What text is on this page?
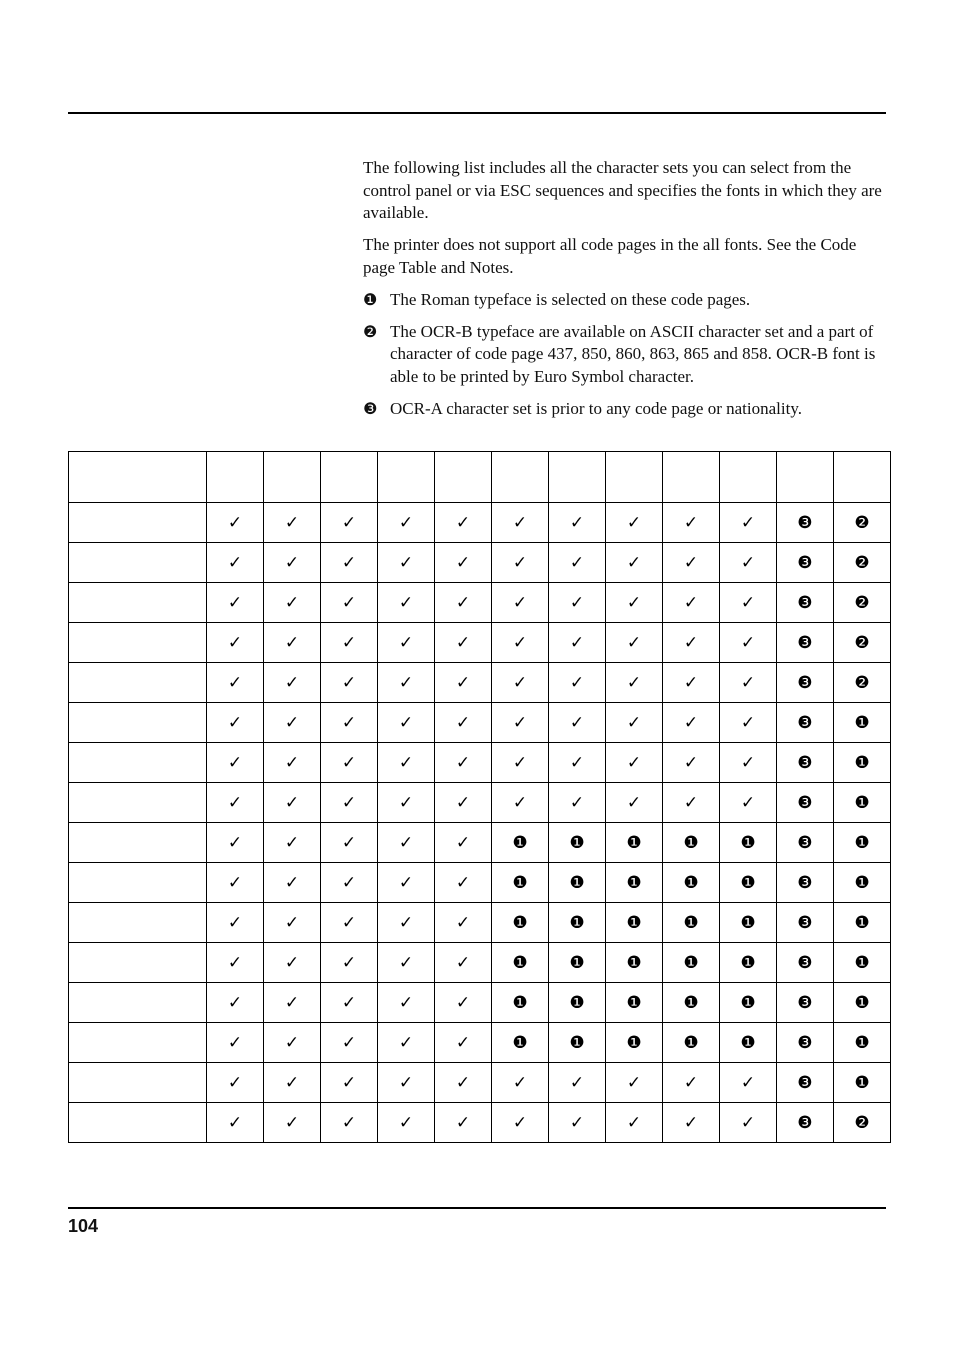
The following list includes all the character sets you can select from the control panel or via ESC sequences and specifies the fonts in which they are available.

The printer does not support all code pages in the all fonts. See the Code page Table and Notes.

❶ The Roman typeface is selected on these code pages.
❷ The OCR-B typeface are available on ASCII character set and a part of character of code page 437, 850, 860, 863, 865 and 858. OCR-B font is able to be printed by Euro Symbol character.
❸ OCR-A character set is prior to any code page or nationality.

	✓	✓	✓	✓	✓	✓	✓	✓	✓	✓	❸	❷
	✓	✓	✓	✓	✓	✓	✓	✓	✓	✓	❸	❷
	✓	✓	✓	✓	✓	✓	✓	✓	✓	✓	❸	❷
	✓	✓	✓	✓	✓	✓	✓	✓	✓	✓	❸	❷
	✓	✓	✓	✓	✓	✓	✓	✓	✓	✓	❸	❷
	✓	✓	✓	✓	✓	✓	✓	✓	✓	✓	❸	❶
	✓	✓	✓	✓	✓	✓	✓	✓	✓	✓	❸	❶
	✓	✓	✓	✓	✓	✓	✓	✓	✓	✓	❸	❶
	✓	✓	✓	✓	✓	❶	❶	❶	❶	❶	❸	❶
	✓	✓	✓	✓	✓	❶	❶	❶	❶	❶	❸	❶
	✓	✓	✓	✓	✓	❶	❶	❶	❶	❶	❸	❶
	✓	✓	✓	✓	✓	❶	❶	❶	❶	❶	❸	❶
	✓	✓	✓	✓	✓	❶	❶	❶	❶	❶	❸	❶
	✓	✓	✓	✓	✓	❶	❶	❶	❶	❶	❸	❶
	✓	✓	✓	✓	✓	✓	✓	✓	✓	✓	❸	❶
	✓	✓	✓	✓	✓	✓	✓	✓	✓	✓	❸	❷
104
